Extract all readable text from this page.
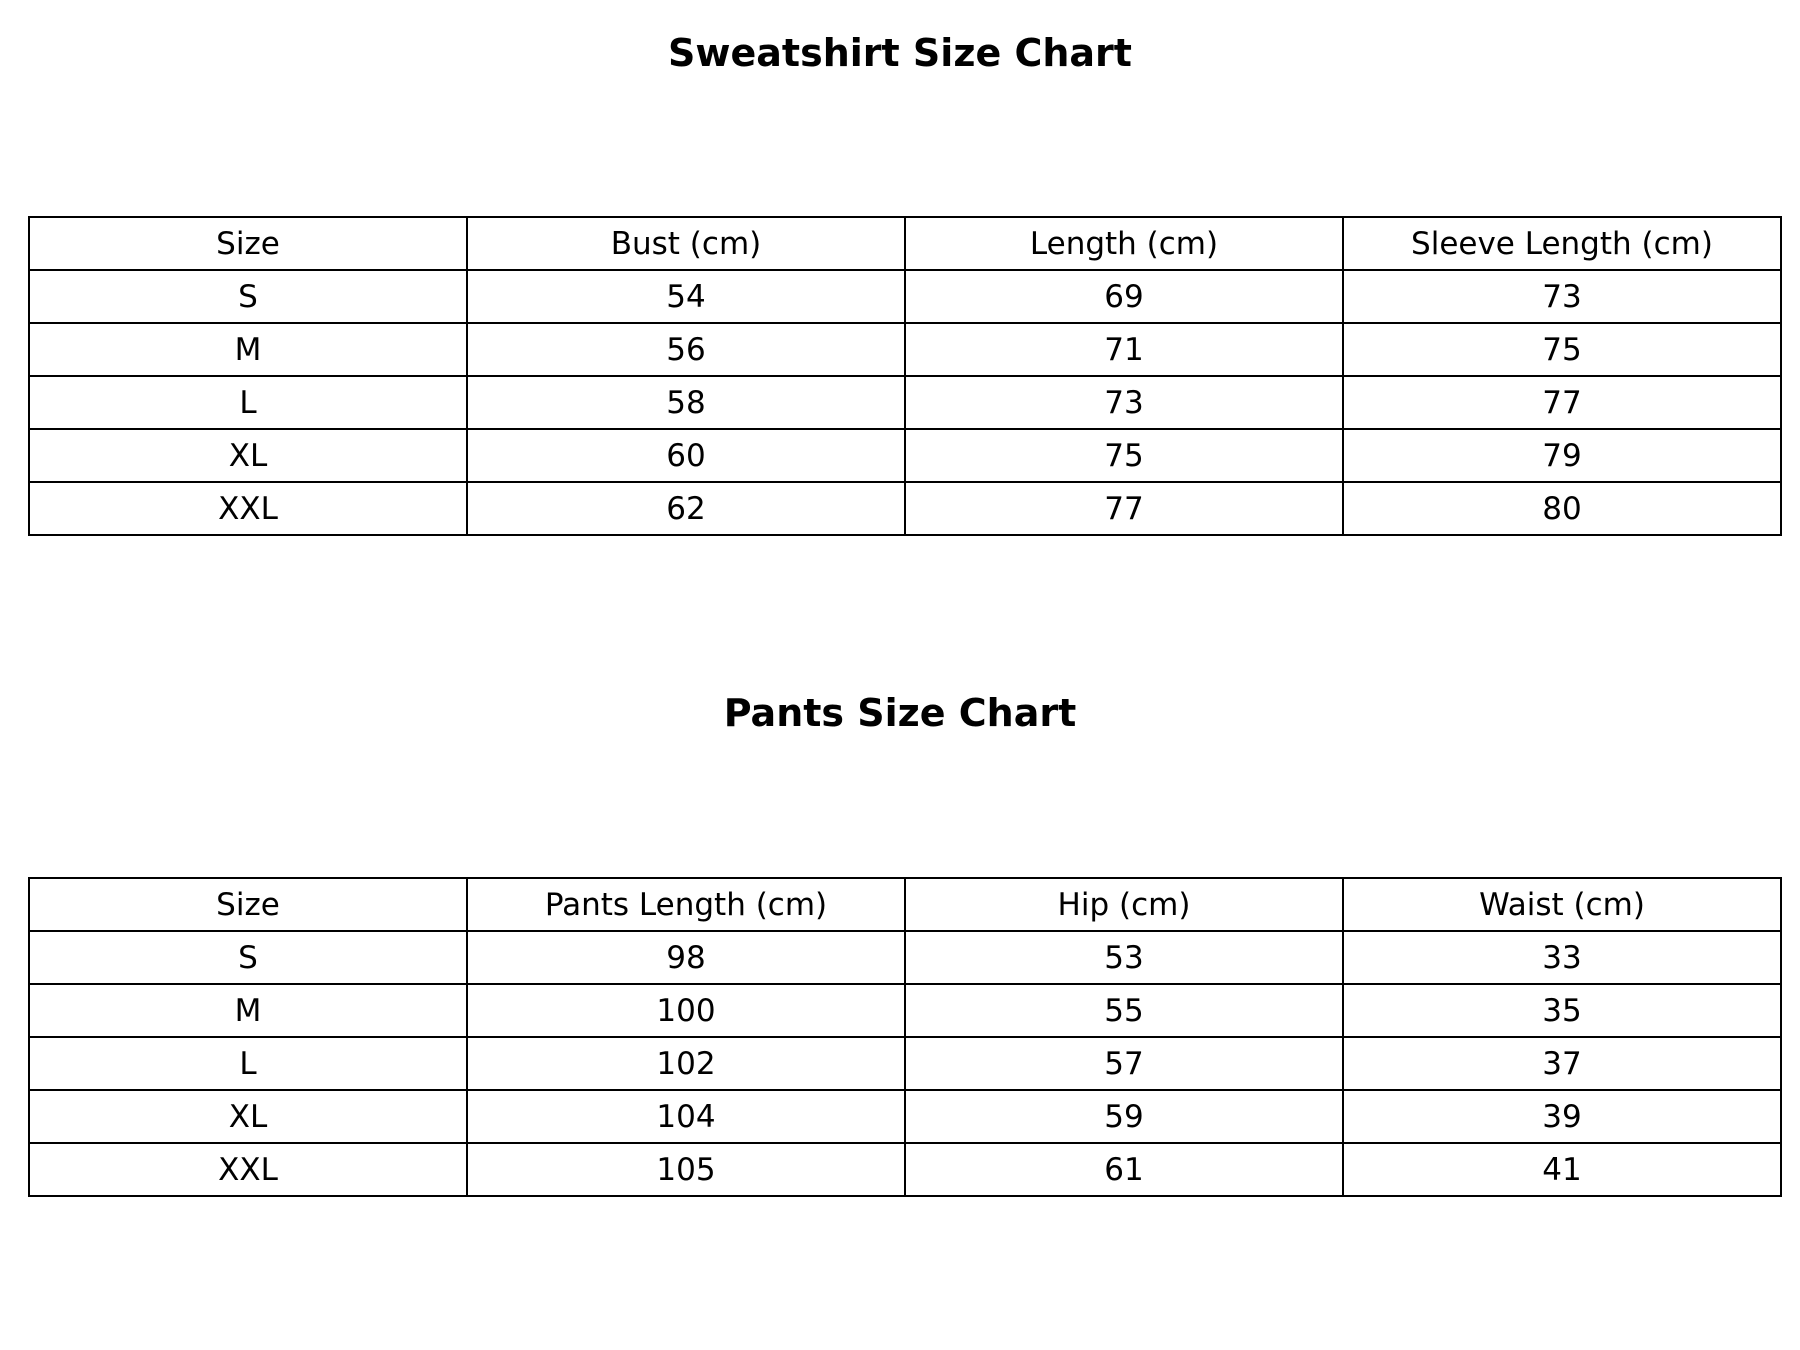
Sweatshirt Size Chart
Size	Bust (cm)	Length (cm)	Sleeve Length (cm)
S	54	69	73
M	56	71	75
L	58	73	77
XL	60	75	79
XXL	62	77	80
Pants Size Chart
Size	Pants Length (cm)	Hip (cm)	Waist (cm)
S	98	53	33
M	100	55	35
L	102	57	37
XL	104	59	39
XXL	105	61	41
